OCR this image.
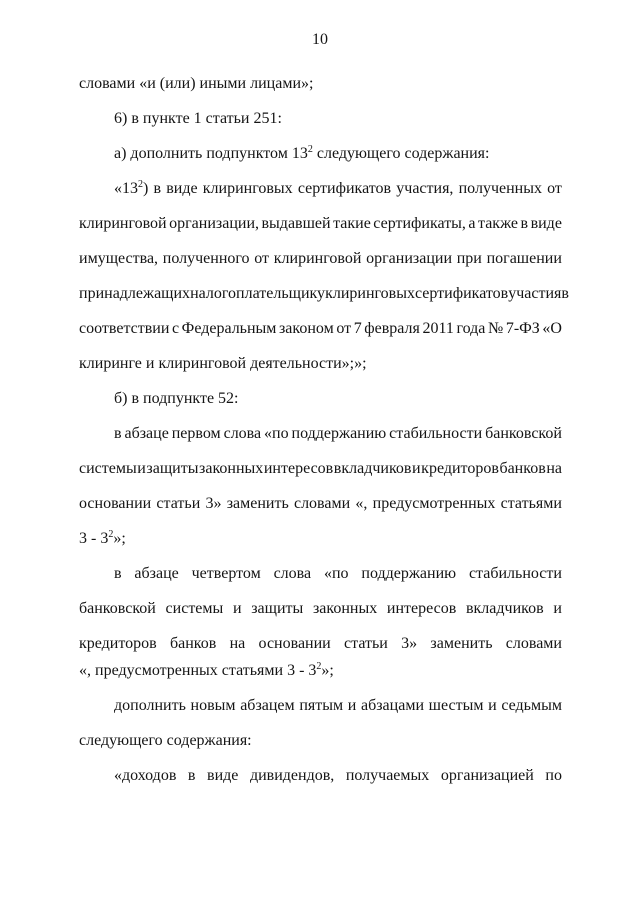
10
словами «и (или) иными лицами»;
6) в пункте 1 статьи 251:
а) дополнить подпунктом $13^2$ следующего содержания:
«$13^2$) в виде клиринговых сертификатов участия, полученных от
клиринговой организации, выдавшей такие сертификаты, а также в виде
имущества, полученного от клиринговой организации при погашении
принадлежащих налогоплательщику клиринговых сертификатов участия в
соответствии с Федеральным законом от 7 февраля 2011 года № 7-ФЗ «О
клиринге и клиринговой деятельности»;»;
б) в подпункте 52:
в абзаце первом слова «по поддержанию стабильности банковской
системы и защиты законных интересов вкладчиков и кредиторов банков на
основании статьи 3» заменить словами «, предусмотренных статьями
$3 - 3^2$»;
в абзаце четвертом слова «по поддержанию стабильности
банковской системы и защиты законных интересов вкладчиков и
кредиторов банков на основании статьи 3» заменить словами
«, предусмотренных статьями $3 - 3^2$»;
дополнить новым абзацем пятым и абзацами шестым и седьмым
следующего содержания:
«доходов в виде дивидендов, получаемых организацией по
